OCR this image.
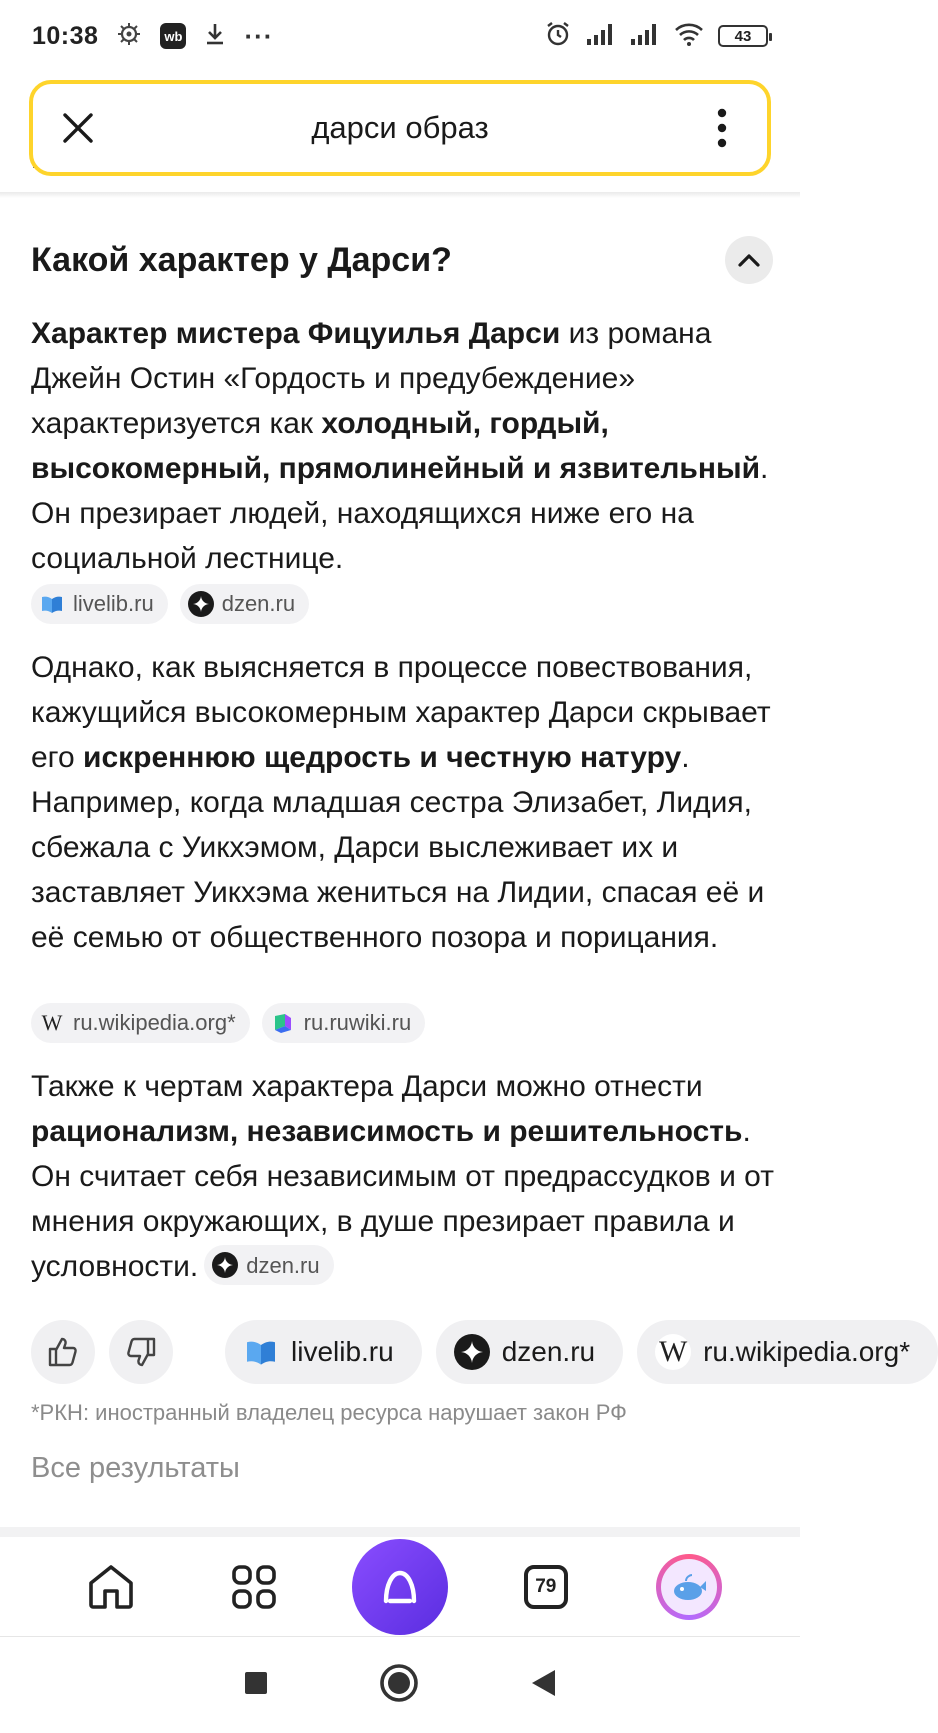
10:38	wb ···	43
дарси образ
Какой характер у Дарси?
Характер мистера Фицуилья Дарси из романа Джейн Остин «Гордость и предубеждение» характеризуется как холодный, гордый, высокомерный, прямолинейный и язвительный. Он презирает людей, находящихся ниже его на социальной лестнице.
livelib.ru	dzen.ru
Однако, как выясняется в процессе повествования, кажущийся высокомерным характер Дарси скрывает его искреннюю щедрость и честную натуру. Например, когда младшая сестра Элизабет, Лидия, сбежала с Уикхэмом, Дарси выслеживает их и заставляет Уикхэма жениться на Лидии, спасая её и её семью от общественного позора и порицания.
W ru.wikipedia.org*	ru.ruwiki.ru
Также к чертам характера Дарси можно отнести рационализм, независимость и решительность. Он считает себя независимым от предрассудков и от мнения окружающих, в душе презирает правила и условности. dzen.ru
livelib.ru	dzen.ru W ru.wikipedia.org*
*РКН: иностранный владелец ресурса нарушает закон РФ
Все результаты
79
